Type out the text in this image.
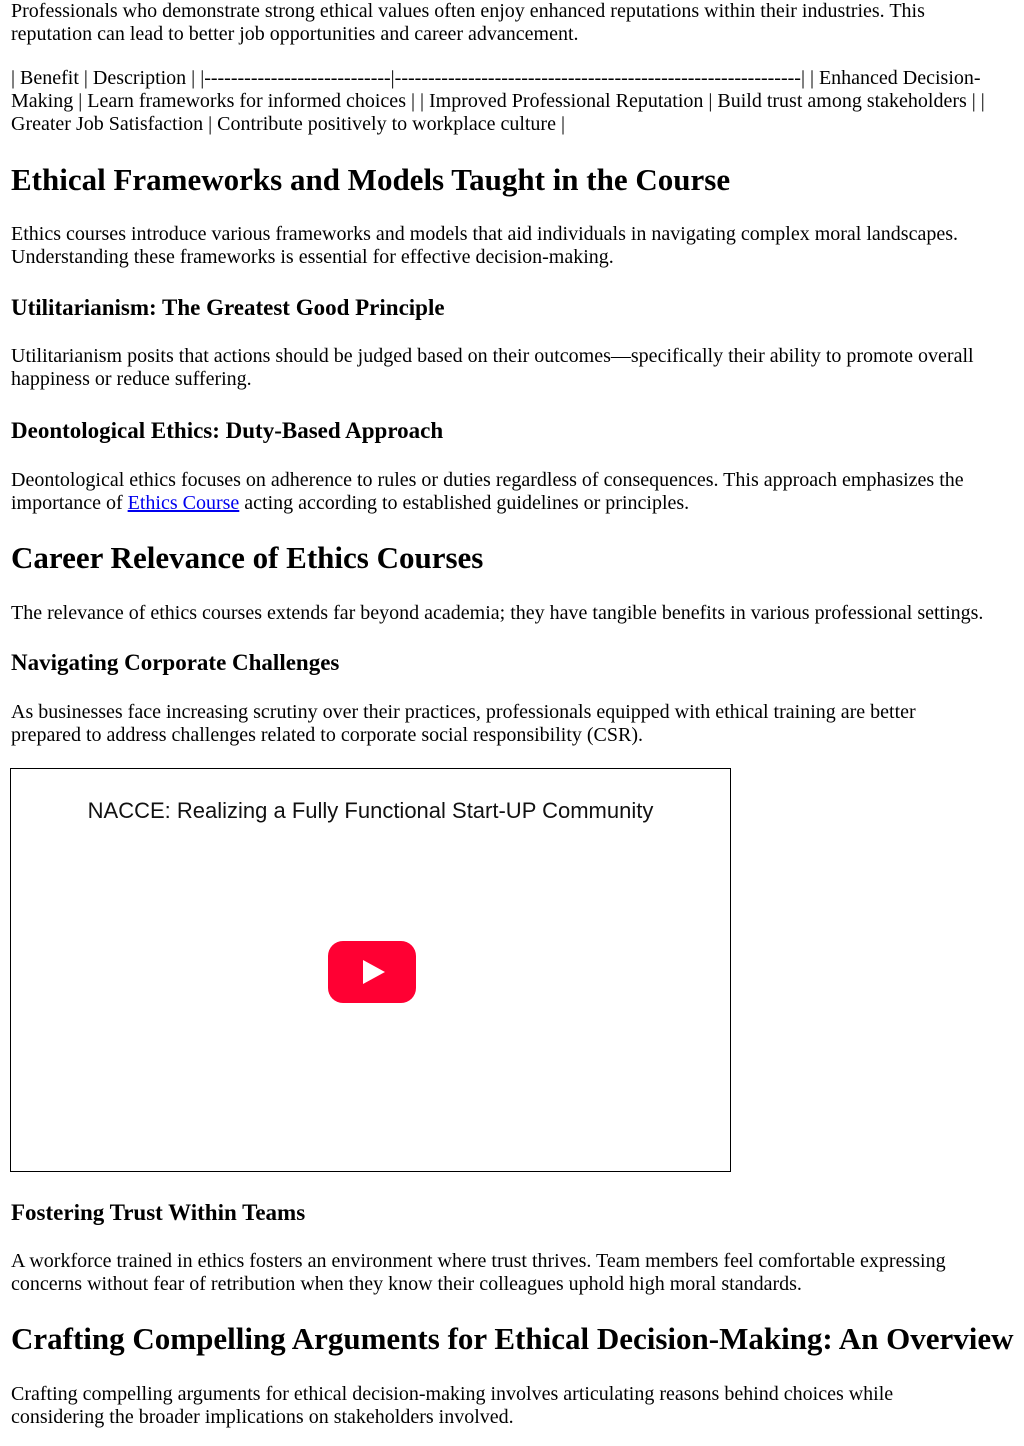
Professionals who demonstrate strong ethical values often enjoy enhanced reputations within their industries. This reputation can lead to better job opportunities and career advancement.

| Benefit | Description | |----------------------------|-------------------------------------------------------------| | Enhanced Decision-Making | Learn frameworks for informed choices | | Improved Professional Reputation | Build trust among stakeholders | | Greater Job Satisfaction | Contribute positively to workplace culture |

Ethical Frameworks and Models Taught in the Course

Ethics courses introduce various frameworks and models that aid individuals in navigating complex moral landscapes. Understanding these frameworks is essential for effective decision-making.

Utilitarianism: The Greatest Good Principle

Utilitarianism posits that actions should be judged based on their outcomes—specifically their ability to promote overall happiness or reduce suffering.

Deontological Ethics: Duty-Based Approach

Deontological ethics focuses on adherence to rules or duties regardless of consequences. This approach emphasizes the importance of Ethics Course acting according to established guidelines or principles.

Career Relevance of Ethics Courses

The relevance of ethics courses extends far beyond academia; they have tangible benefits in various professional settings.

Navigating Corporate Challenges

As businesses face increasing scrutiny over their practices, professionals equipped with ethical training are better prepared to address challenges related to corporate social responsibility (CSR).

NACCE: Realizing a Fully Functional Start-UP Community
Fostering Trust Within Teams

A workforce trained in ethics fosters an environment where trust thrives. Team members feel comfortable expressing concerns without fear of retribution when they know their colleagues uphold high moral standards.

Crafting Compelling Arguments for Ethical Decision-Making: An Overview

Crafting compelling arguments for ethical decision-making involves articulating reasons behind choices while considering the broader implications on stakeholders involved.
